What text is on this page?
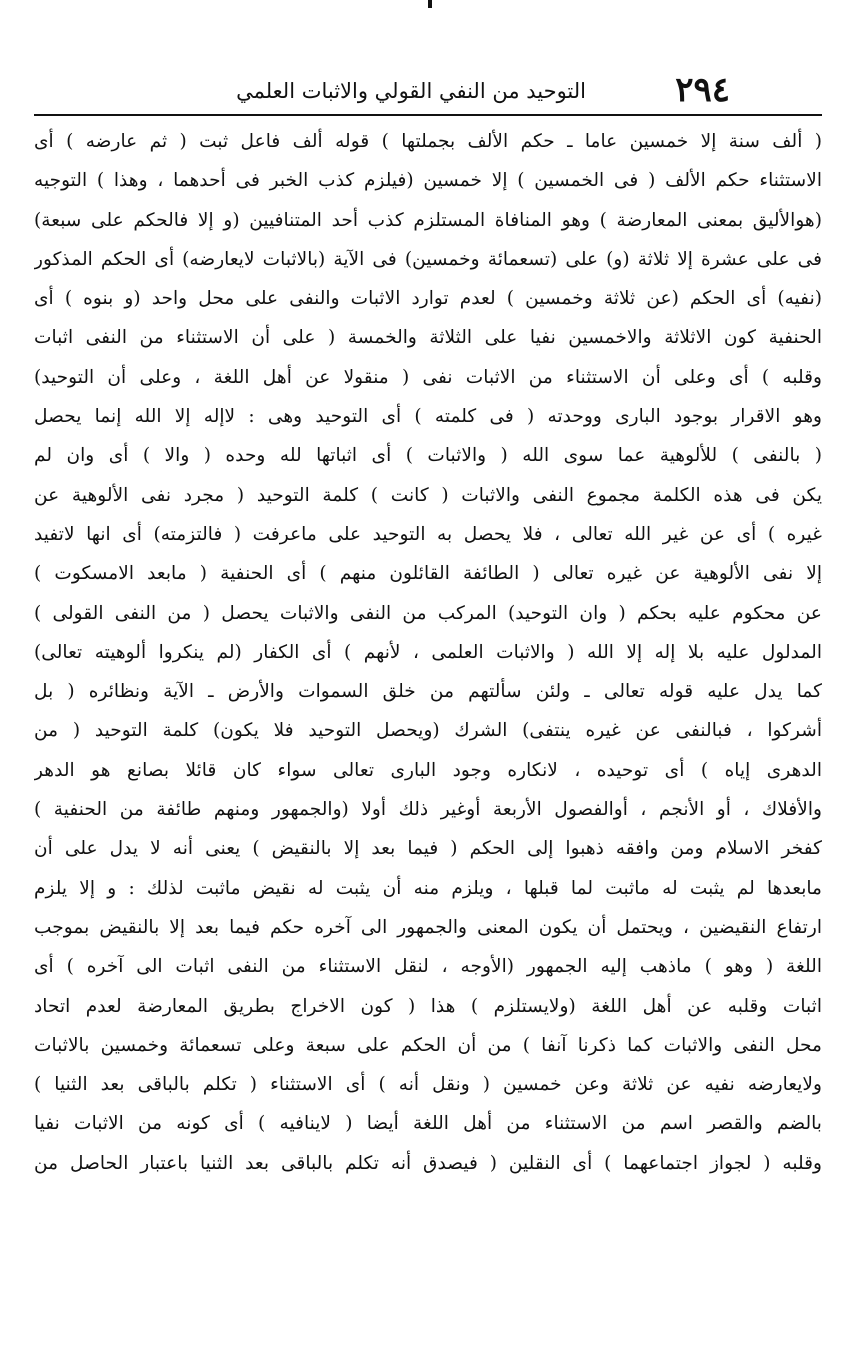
٢٩٤
التوحيد من النفي القولي والاثبات العلمي
( ألف سنة إلا خمسين عاما ـ حكم الألف بجملتها ) قوله ألف فاعل ثبت ( ثم عارضه ) أى
الاستثناء حكم الألف ( فى الخمسين ) إلا خمسين (فيلزم كذب الخبر فى أحدهما ، وهذا ) التوجيه
(هوالأليق بمعنى المعارضة ) وهو المنافاة المستلزم كذب أحد المتنافيين (و إلا فالحكم على سبعة)
فى على عشرة إلا ثلاثة (و) على (تسعمائة وخمسين) فى الآية (بالاثبات لايعارضه) أى الحكم المذكور
(نفيه) أى الحكم (عن ثلاثة وخمسين ) لعدم توارد الاثبات والنفى على محل واحد (و بنوه ) أى
الحنفية كون الاثلاثة والاخمسين نفيا على الثلاثة والخمسة ( على أن الاستثناء من النفى اثبات
وقلبه ) أى وعلى أن الاستثناء من الاثبات نفى ( منقولا عن أهل اللغة ، وعلى أن التوحيد)
وهو الاقرار بوجود البارى ووحدته ( فى كلمته ) أى التوحيد وهى : لاإله إلا الله إنما يحصل
( بالنفى ) للألوهية عما سوى الله ( والاثبات ) أى اثباتها لله وحده ( والا ) أى وان لم
يكن فى هذه الكلمة مجموع النفى والاثبات ( كانت ) كلمة التوحيد ( مجرد نفى الألوهية عن
غيره ) أى عن غير الله تعالى ، فلا يحصل به التوحيد على ماعرفت ( فالتزمته) أى انها لاتفيد
إلا نفى الألوهية عن غيره تعالى ( الطائفة القائلون منهم ) أى الحنفية ( مابعد الامسكوت )
عن محكوم عليه بحكم ( وان التوحيد) المركب من النفى والاثبات يحصل ( من النفى القولى )
المدلول عليه بلا إله إلا الله ( والاثبات العلمى ، لأنهم ) أى الكفار (لم ينكروا ألوهيته تعالى)
كما يدل عليه قوله تعالى ـ ولئن سألتهم من خلق السموات والأرض ـ الآية ونظائره ( بل
أشركوا ، فبالنفى عن غيره ينتفى) الشرك (ويحصل التوحيد فلا يكون) كلمة التوحيد ( من
الدهرى إياه ) أى توحيده ، لانكاره وجود البارى تعالى سواء كان قائلا بصانع هو الدهر
والأفلاك ، أو الأنجم ، أوالفصول الأربعة أوغير ذلك أولا (والجمهور ومنهم طائفة من الحنفية )
كفخر الاسلام ومن وافقه ذهبوا إلى الحكم ( فيما بعد إلا بالنقيض ) يعنى أنه لا يدل على أن
مابعدها لم يثبت له ماثبت لما قبلها ، ويلزم منه أن يثبت له نقيض ماثبت لذلك : و إلا يلزم
ارتفاع النقيضين ، ويحتمل أن يكون المعنى والجمهور الى آخره حكم فيما بعد إلا بالنقيض بموجب
اللغة ( وهو ) ماذهب إليه الجمهور (الأوجه ، لنقل الاستثناء من النفى اثبات الى آخره ) أى
اثبات وقلبه عن أهل اللغة (ولايستلزم ) هذا ( كون الاخراج بطريق المعارضة لعدم اتحاد
محل النفى والاثبات كما ذكرنا آنفا ) من أن الحكم على سبعة وعلى تسعمائة وخمسين بالاثبات
ولايعارضه نفيه عن ثلاثة وعن خمسين ( ونقل أنه ) أى الاستثناء ( تكلم بالباقى بعد الثنيا )
بالضم والقصر اسم من الاستثناء من أهل اللغة أيضا ( لاينافيه ) أى كونه من الاثبات نفيا
وقلبه ( لجواز اجتماعهما ) أى النقلين ( فيصدق أنه تكلم بالباقى بعد الثنيا باعتبار الحاصل من
